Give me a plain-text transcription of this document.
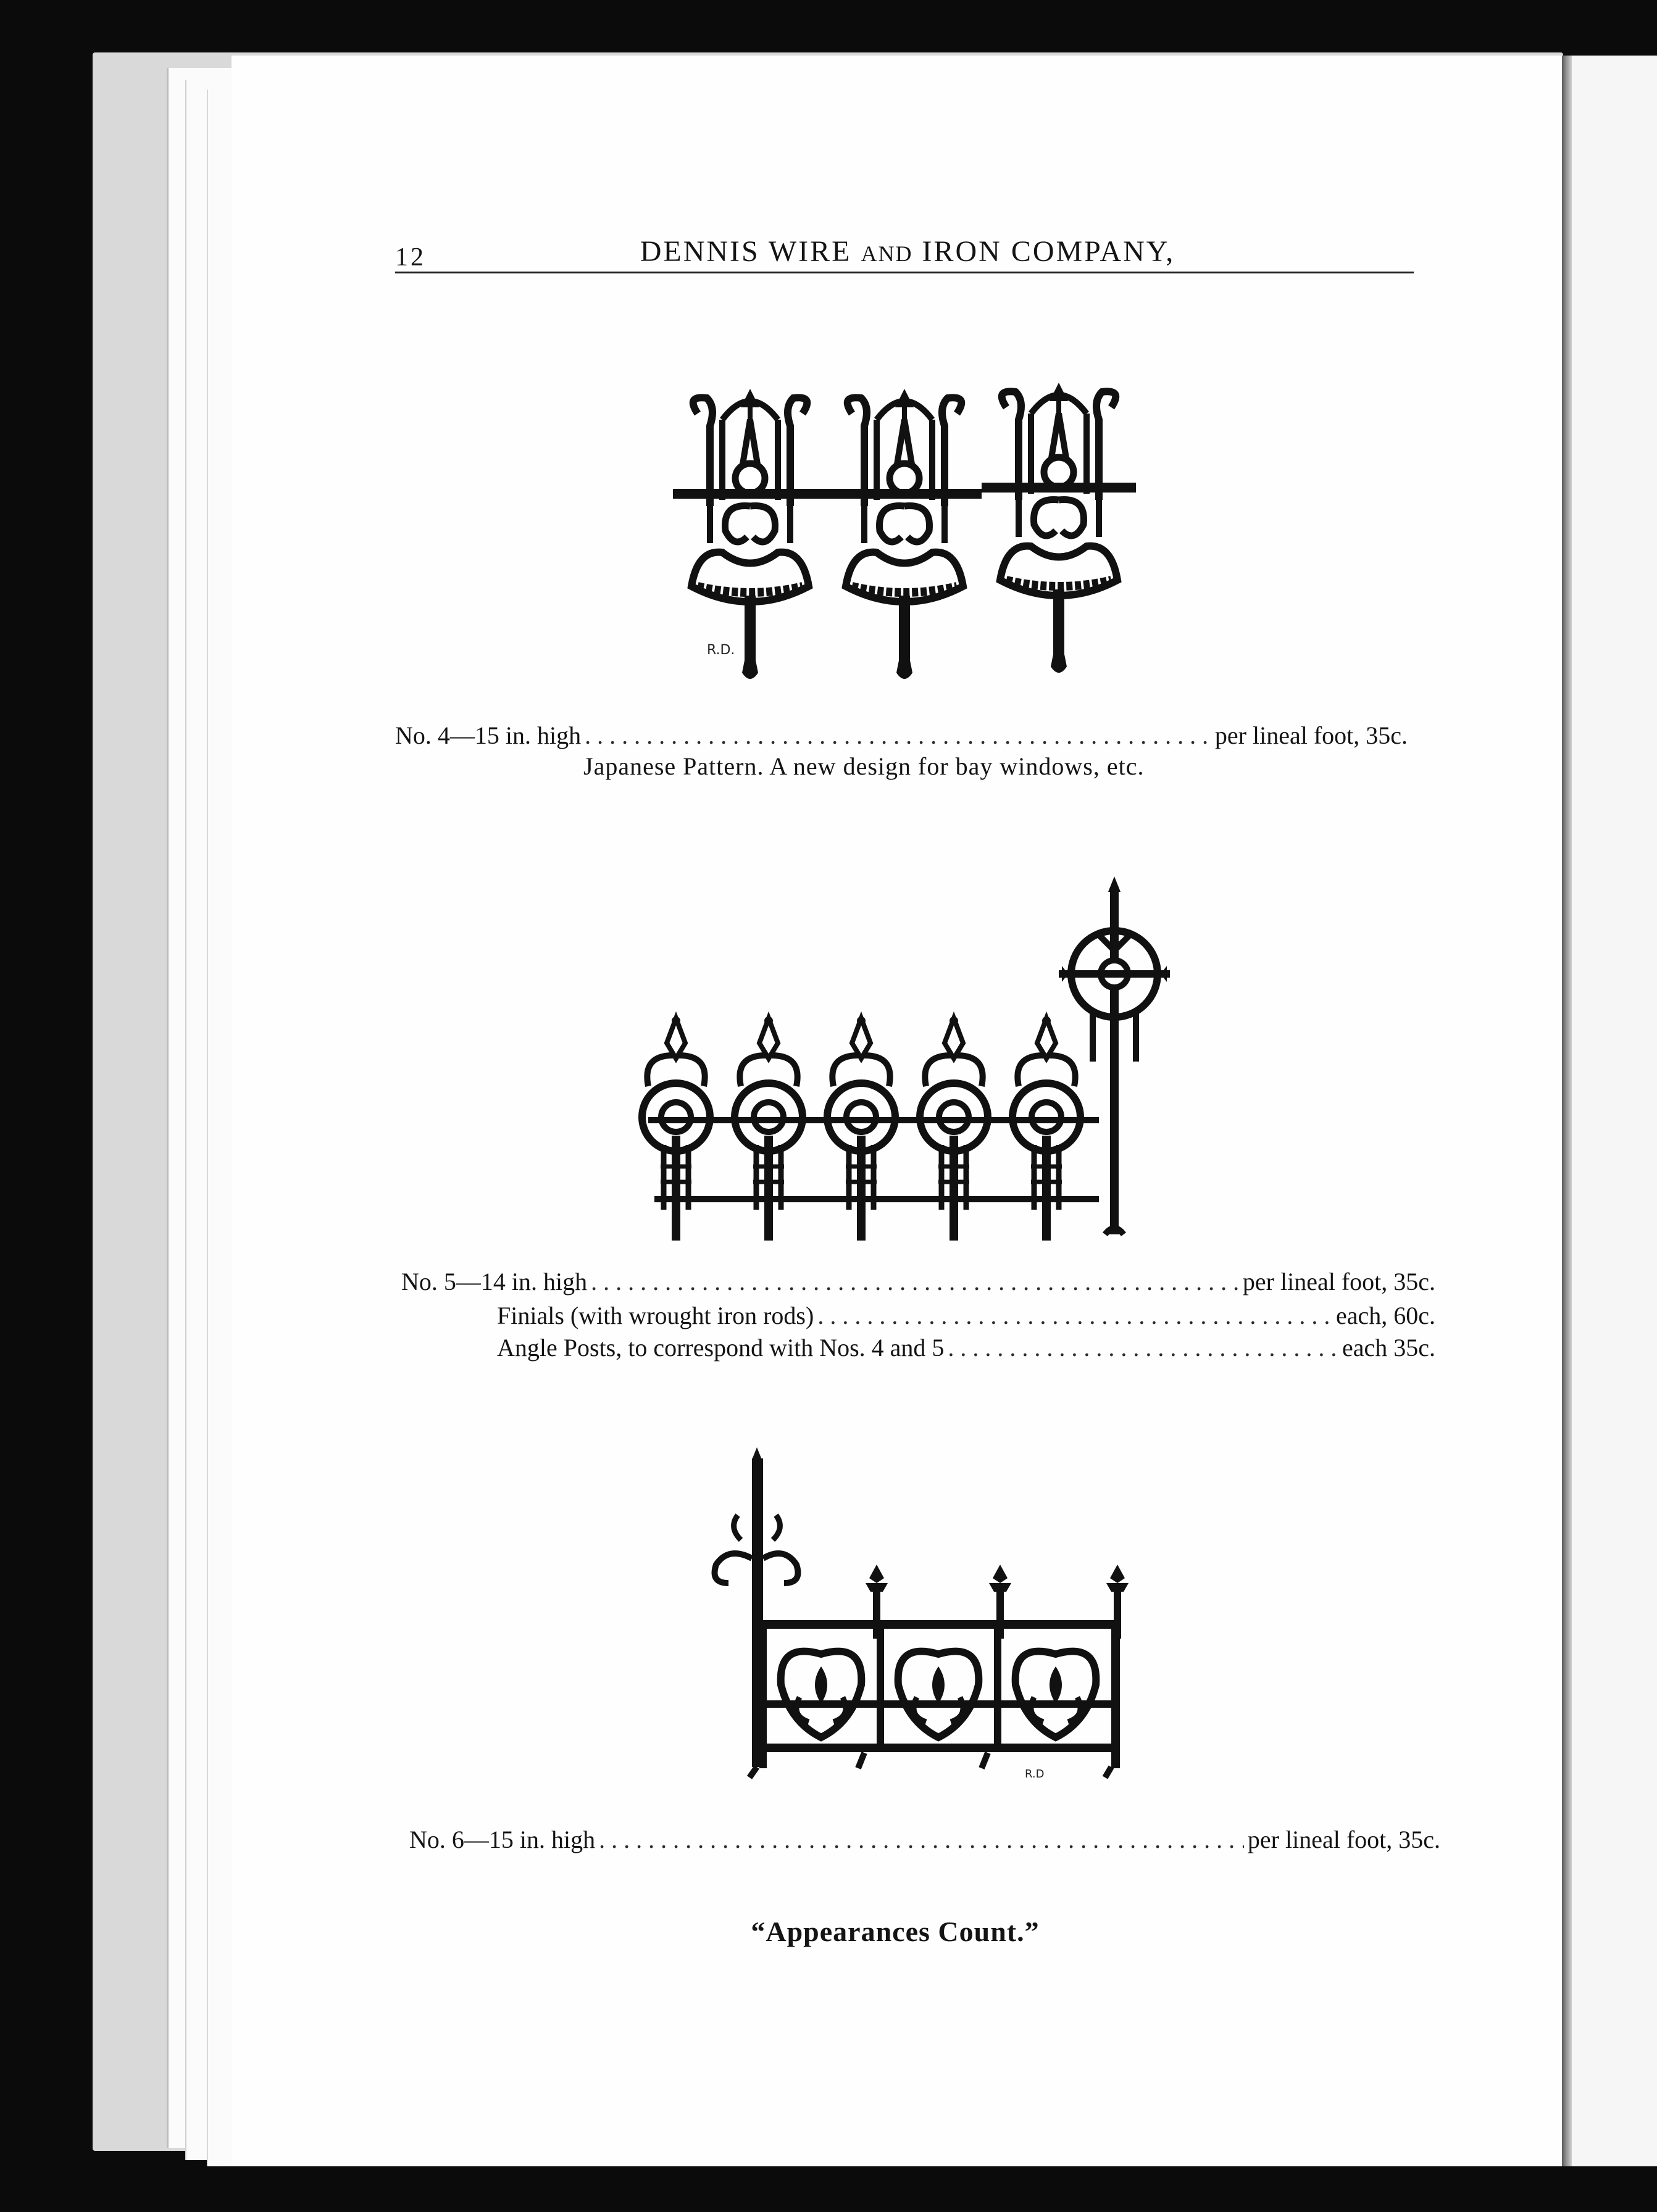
12	DENNIS WIRE AND IRON COMPANY,
R.D.
No. 4—15 in. high . . .	per lineal foot, 35c.
Japanese Pattern. A new design for bay windows, etc.
No. 5—14 in. high . . .	per lineal foot, 35c.
Finials (with wrought iron rods) . . .	each, 60c.
Angle Posts, to correspond with Nos. 4 and 5 . . .	each 35c.
R.D
No. 6—15 in. high . . .	per lineal foot, 35c.
“Appearances Count.”
